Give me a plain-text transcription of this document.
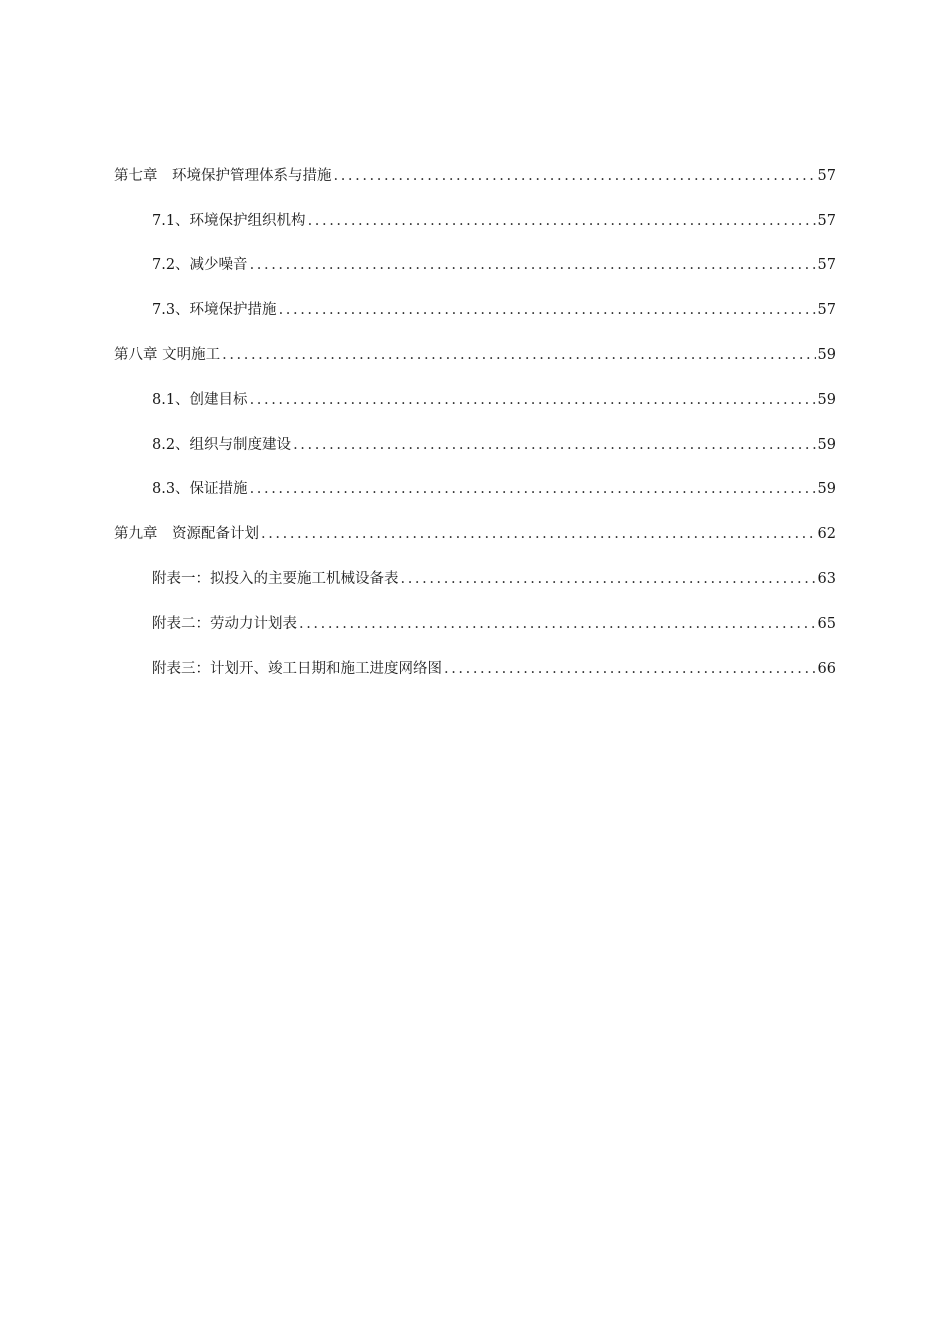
第七章　环境保护管理体系与措施 .....	57
7.1、环境保护组织机构 .....	57
7.2、减少噪音 .....	57
7.3、环境保护措施 .....	57
第八章 文明施工 .....	59
8.1、创建目标 .....	59
8.2、组织与制度建设 .....	59
8.3、保证措施 .....	59
第九章　资源配备计划 .....	62
附表一：拟投入的主要施工机械设备表 .....	63
附表二：劳动力计划表 .....	65
附表三：计划开、竣工日期和施工进度网络图 .....	66
